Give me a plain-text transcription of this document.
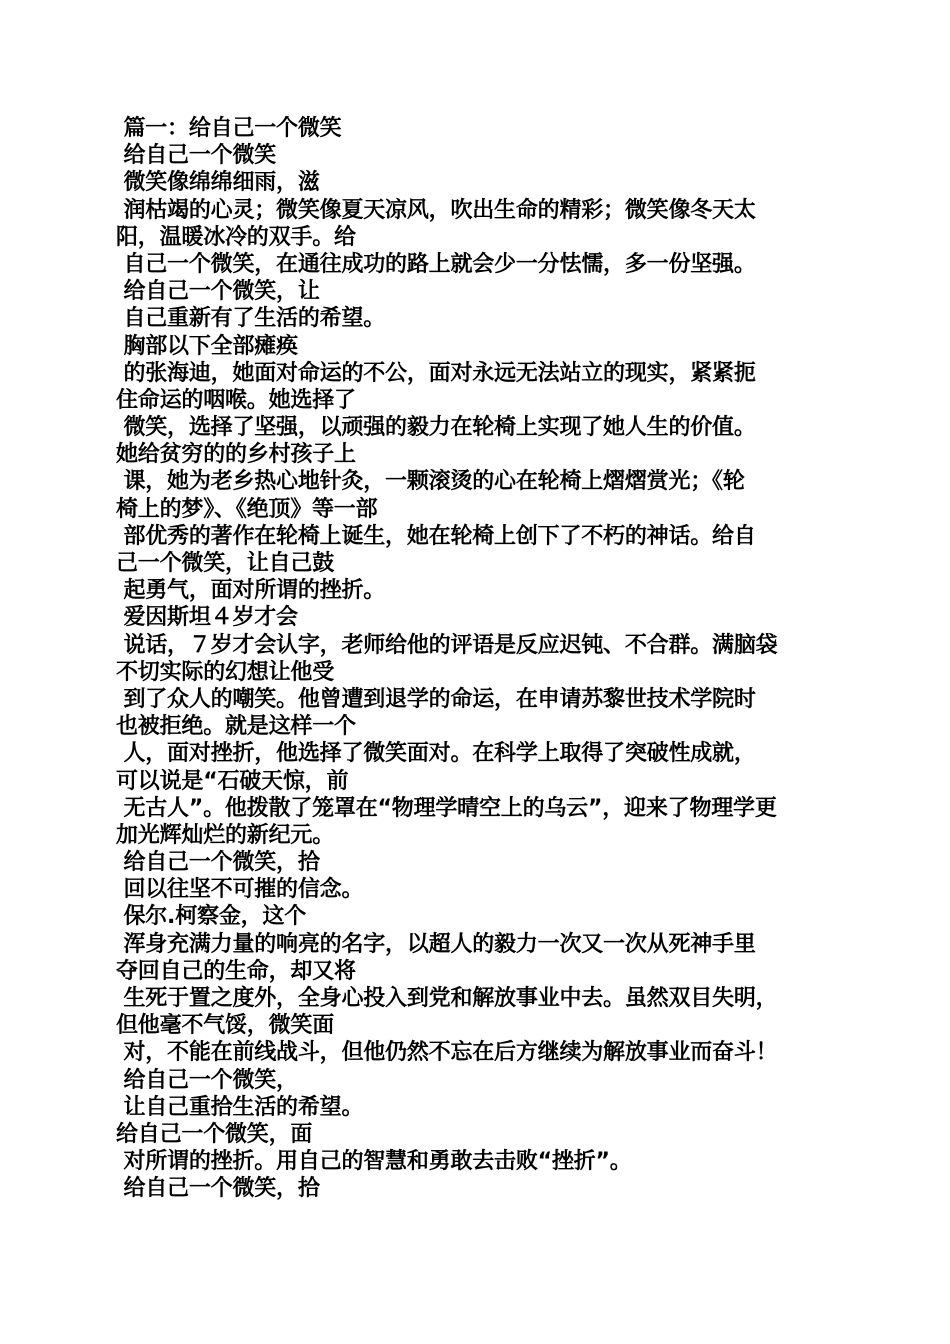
篇一：给自己一个微笑
给自己一个微笑
微笑像绵绵细雨，滋
润枯竭的心灵；微笑像夏天凉风，吹出生命的精彩；微笑像冬天太
阳，温暖冰冷的双手。给
自己一个微笑，在通往成功的路上就会少一分怯懦，多一份坚强。
给自己一个微笑，让
自己重新有了生活的希望。
胸部以下全部瘫痪
的张海迪，她面对命运的不公，面对永远无法站立的现实，紧紧扼
住命运的咽喉。她选择了
微笑，选择了坚强，以顽强的毅力在轮椅上实现了她人生的价值。
她给贫穷的的乡村孩子上
课，她为老乡热心地针灸，一颗滚烫的心在轮椅上熠熠赏光；《轮
椅上的梦》、《绝顶》等一部
部优秀的著作在轮椅上诞生，她在轮椅上创下了不朽的神话。给自
己一个微笑，让自己鼓
起勇气，面对所谓的挫折。
爱因斯坦４岁才会
说话，７岁才会认字，老师给他的评语是反应迟钝、不合群。满脑袋
不切实际的幻想让他受
到了众人的嘲笑。他曾遭到退学的命运，在申请苏黎世技术学院时
也被拒绝。就是这样一个
人，面对挫折，他选择了微笑面对。在科学上取得了突破性成就，
可以说是“石破天惊，前
无古人”。他拨散了笼罩在“物理学晴空上的乌云”，迎来了物理学更
加光辉灿烂的新纪元。
给自己一个微笑，拾
回以往坚不可摧的信念。
保尔.柯察金，这个
浑身充满力量的响亮的名字，以超人的毅力一次又一次从死神手里
夺回自己的生命，却又将
生死于置之度外，全身心投入到党和解放事业中去。虽然双目失明，
但他毫不气馁，微笑面
对，不能在前线战斗，但他仍然不忘在后方继续为解放事业而奋斗！
给自己一个微笑，
让自己重拾生活的希望。
给自己一个微笑，面
对所谓的挫折。用自己的智慧和勇敢去击败“挫折”。
给自己一个微笑，拾
